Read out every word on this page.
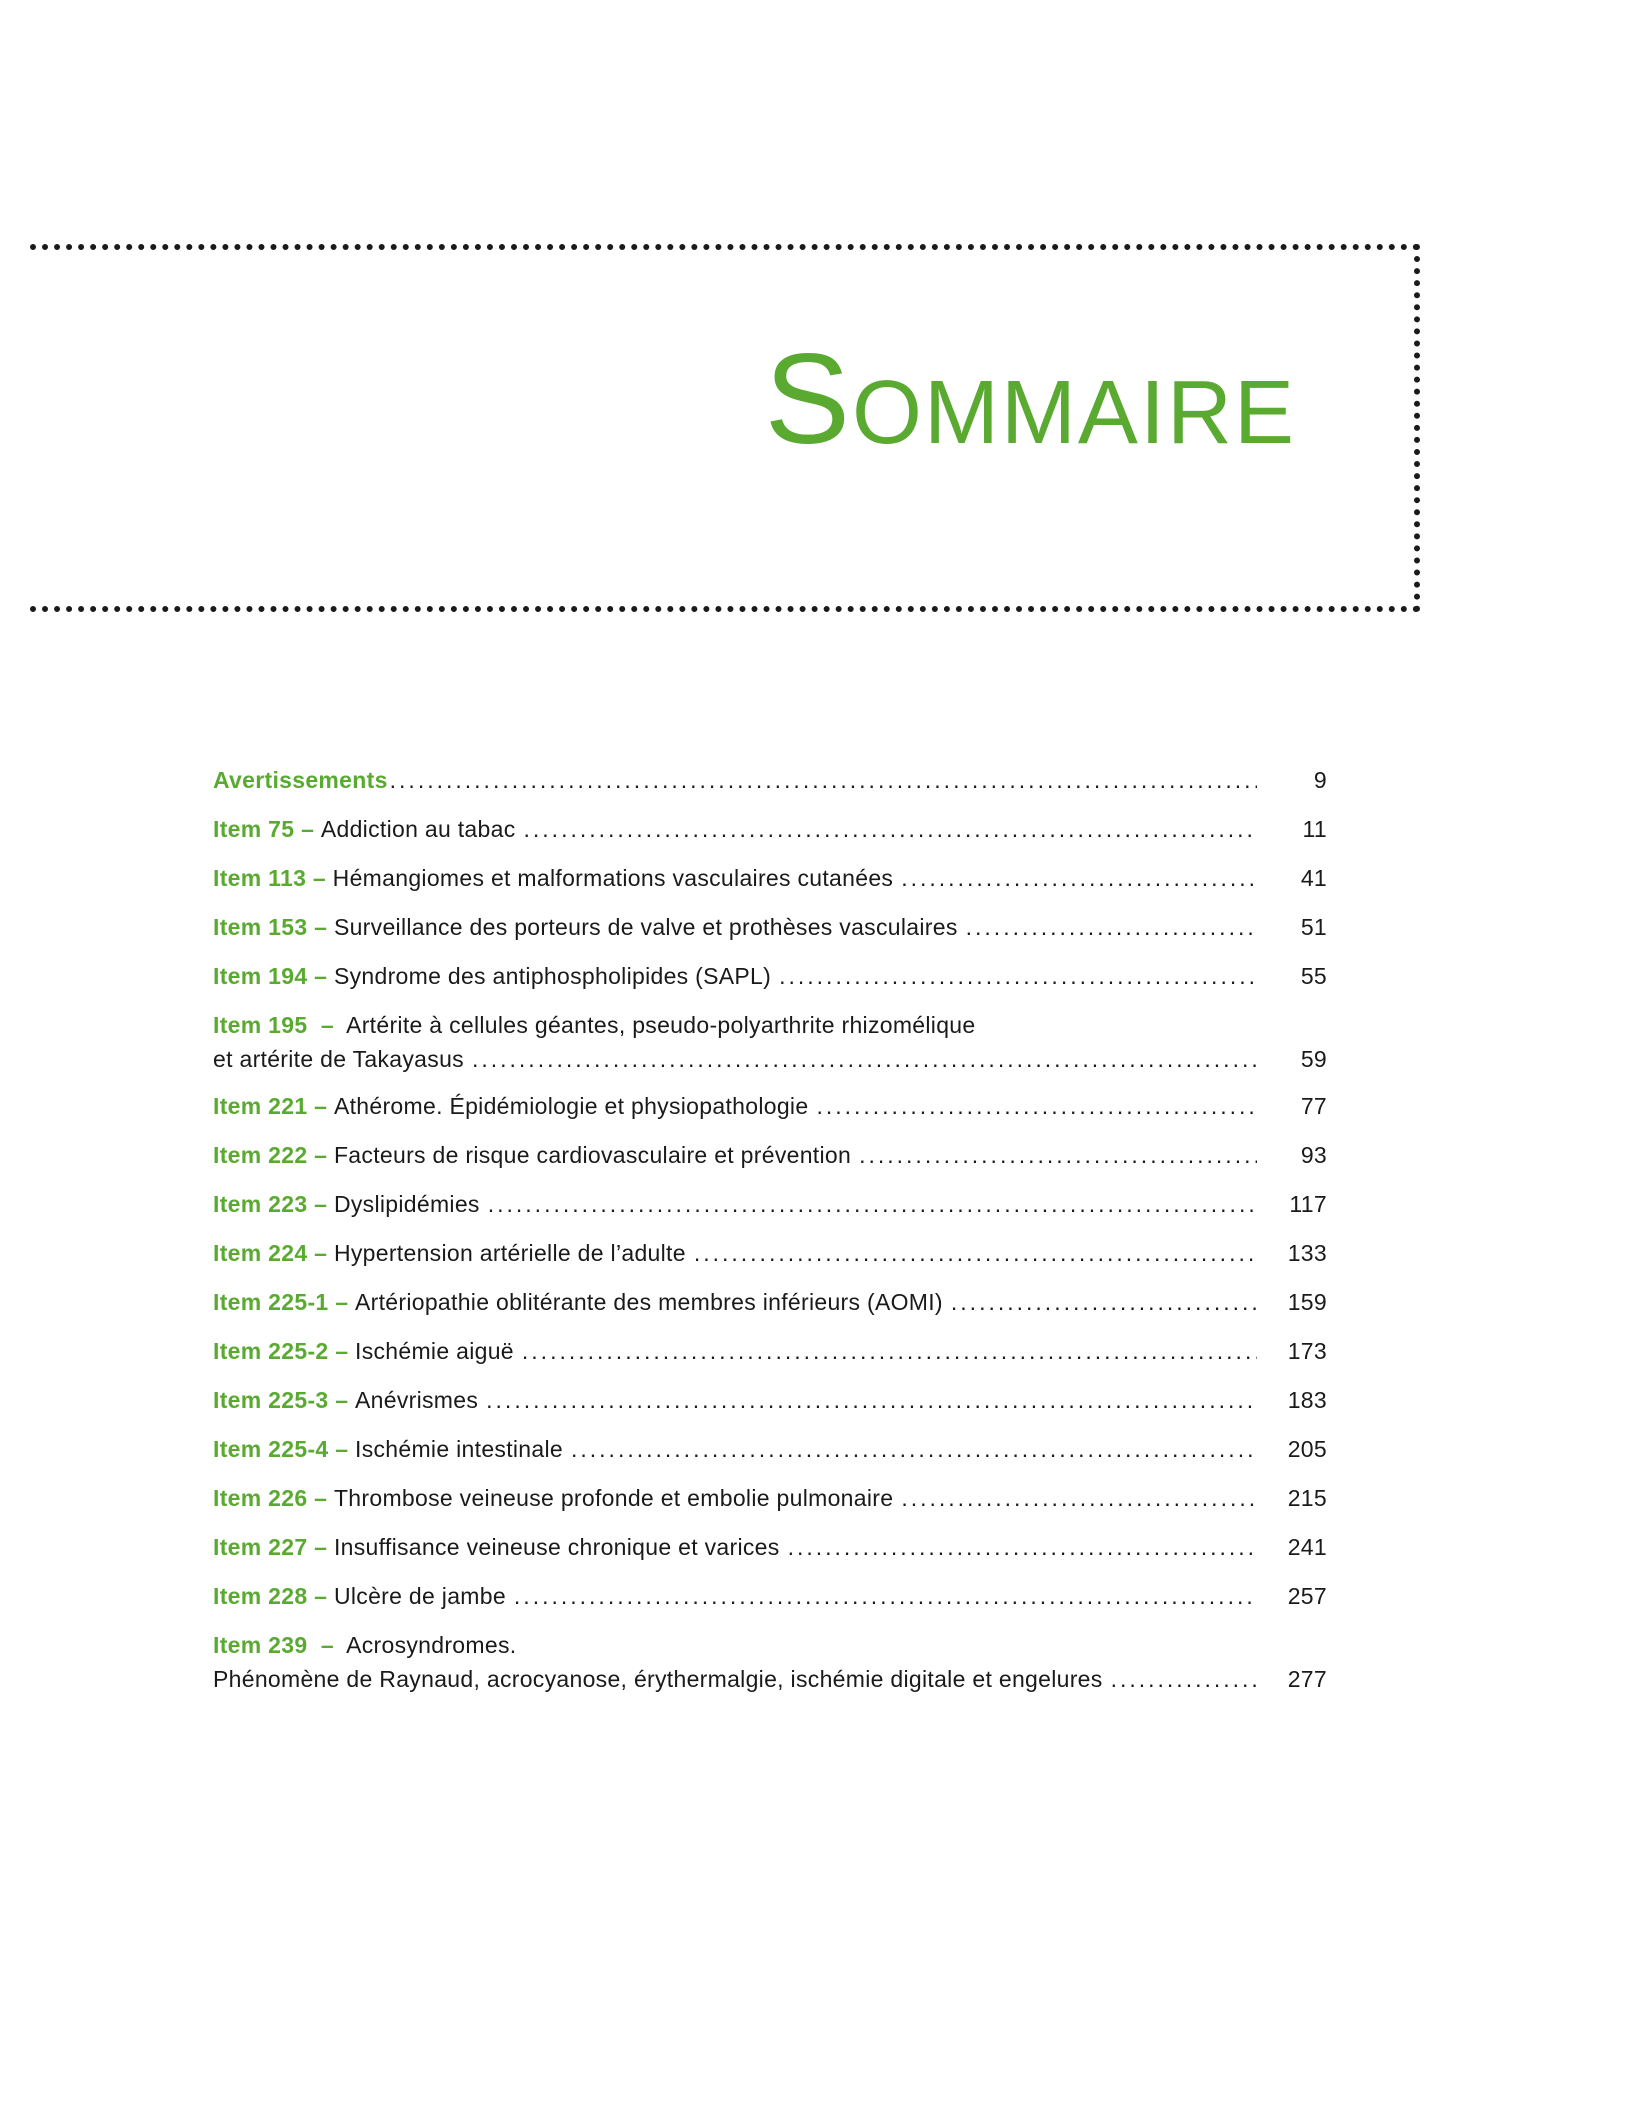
Sommaire
Avertissements .....	9
Item 75 – Addiction au tabac .....	11
Item 113 – Hémangiomes et malformations vasculaires cutanées .....	41
Item 153 – Surveillance des porteurs de valve et prothèses vasculaires .....	51
Item 194 – Syndrome des antiphospholipides (SAPL) .....	55
Item 195  –  Artérite à cellules géantes, pseudo-polyarthrite rhizomélique
et artérite de Takayasus .....	59
Item 221 – Athérome. Épidémiologie et physiopathologie .....	77
Item 222 – Facteurs de risque cardiovasculaire et prévention .....	93
Item 223 – Dyslipidémies .....	117
Item 224 – Hypertension artérielle de l’adulte .....	133
Item 225-1 – Artériopathie oblitérante des membres inférieurs (AOMI) .....	159
Item 225-2 – Ischémie aiguë .....	173
Item 225-3 – Anévrismes .....	183
Item 225-4 – Ischémie intestinale .....	205
Item 226 – Thrombose veineuse profonde et embolie pulmonaire .....	215
Item 227 – Insuffisance veineuse chronique et varices .....	241
Item 228 – Ulcère de jambe .....	257
Item 239  –  Acrosyndromes.
Phénomène de Raynaud, acrocyanose, érythermalgie, ischémie digitale et engelures .....	277
